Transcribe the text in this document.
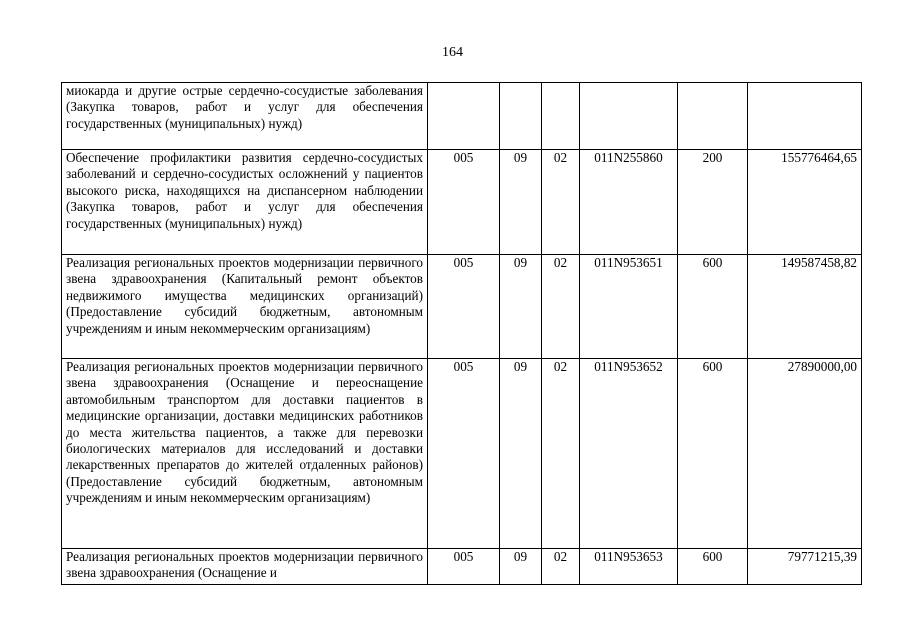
164
миокарда и другие острые сердечно-сосудистые заболевания (Закупка товаров, работ и услуг для обеспечения государственных (муниципальных) нужд)						
Обеспечение профилактики развития сердечно-сосудистых заболеваний и сердечно-сосудистых осложнений у пациентов высокого риска, находящихся на диспансерном наблюдении (Закупка товаров, работ и услуг для обеспечения государственных (муниципальных) нужд)	005	09	02	011N255860	200	155776464,65
Реализация региональных проектов модернизации первичного звена здравоохранения (Капитальный ремонт объектов недвижимого имущества медицинских организаций) (Предоставление субсидий бюджетным, автономным учреждениям и иным некоммерческим организациям)	005	09	02	011N953651	600	149587458,82
Реализация региональных проектов модернизации первичного звена здравоохранения (Оснащение и переоснащение автомобильным транспортом для доставки пациентов в медицинские организации, доставки медицинских работников до места жительства пациентов, а также для перевозки биологических материалов для исследований и доставки лекарственных препаратов до жителей отдаленных районов) (Предоставление субсидий бюджетным, автономным учреждениям и иным некоммерческим организациям)	005	09	02	011N953652	600	27890000,00
Реализация региональных проектов модернизации первичного звена здравоохранения (Оснащение и	005	09	02	011N953653	600	79771215,39
